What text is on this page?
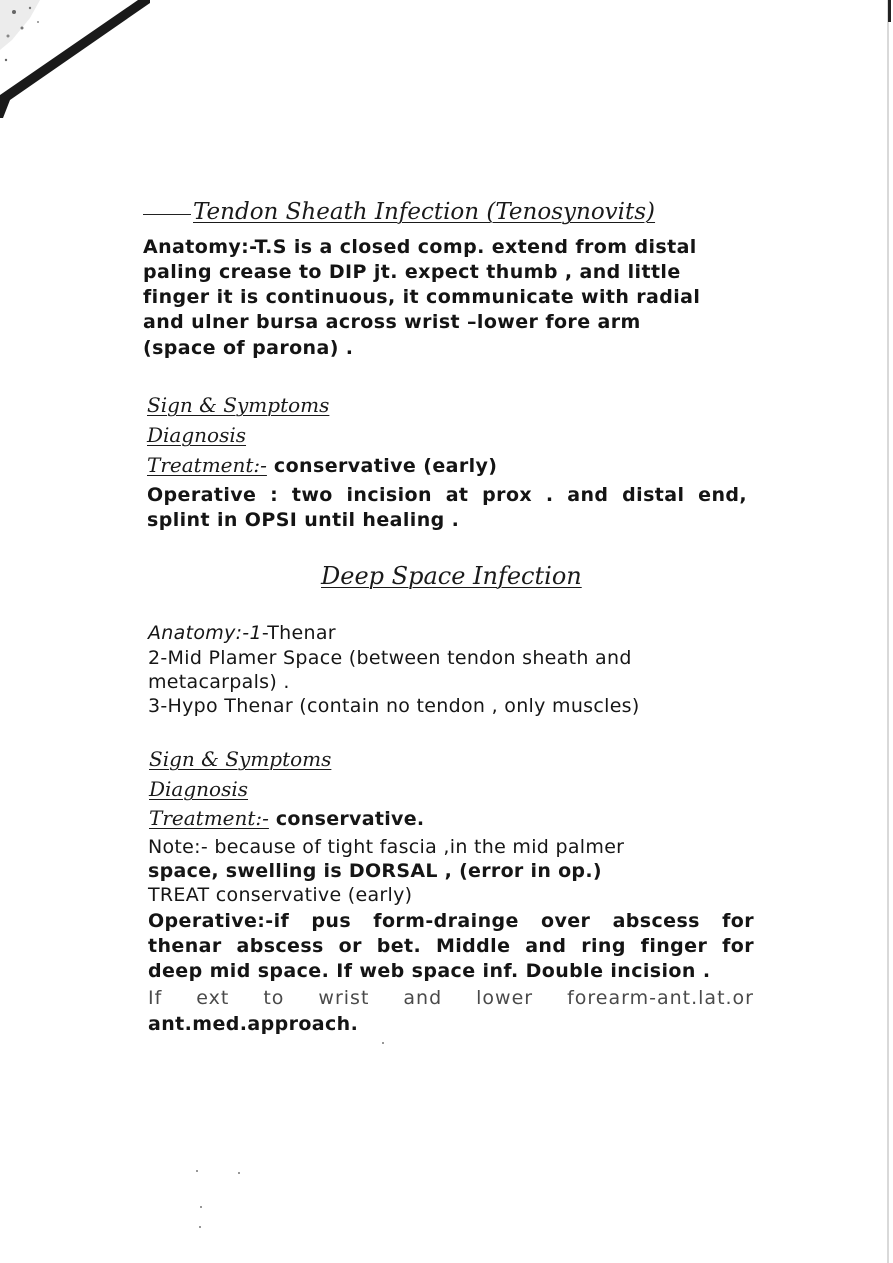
Tendon Sheath Infection (Tenosynovits)
Anatomy:-T.S is a closed comp. extend from distal
paling crease to DIP jt. expect thumb , and little
finger it is continuous, it communicate with radial
and ulner bursa across wrist –lower fore arm
(space of parona) .
Sign & Symptoms
Diagnosis
Treatment:- conservative (early)
Operative : two incision at prox . and distal end,
splint in OPSI until healing .
Deep Space Infection
Anatomy:-1-Thenar
2-Mid Plamer Space (between tendon sheath and
metacarpals) .
3-Hypo Thenar (contain no tendon , only muscles)
Sign & Symptoms
Diagnosis
Treatment:- conservative.
Note:- because of tight fascia ,in the mid palmer
space, swelling is DORSAL , (error in op.)
TREAT conservative (early)
Operative:-if pus form-drainge over abscess for
thenar abscess or bet. Middle and ring finger for
deep mid space. If web space inf. Double incision .
If ext to wrist and lower forearm-ant.lat.or
ant.med.approach.
